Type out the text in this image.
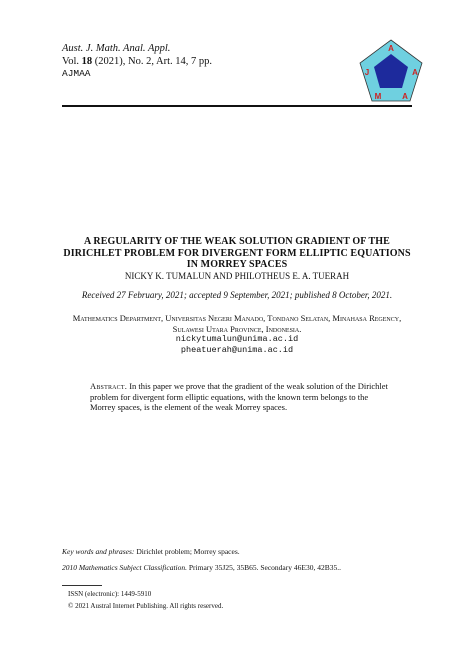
Aust. J. Math. Anal. Appl.
Vol. 18 (2021), No. 2, Art. 14, 7 pp.
AJMAA
A
J
M	A
A
A REGULARITY OF THE WEAK SOLUTION GRADIENT OF THE DIRICHLET PROBLEM FOR DIVERGENT FORM ELLIPTIC EQUATIONS IN MORREY SPACES
NICKY K. TUMALUN AND PHILOTHEUS E. A. TUERAH
Received 27 February, 2021; accepted 9 September, 2021; published 8 October, 2021.
Mathematics Department, Universitas Negeri Manado, Tondano Selatan, Minahasa Regency, Sulawesi Utara Province, Indonesia.
nickytumalun@unima.ac.id
pheatuerah@unima.ac.id
Abstract. In this paper we prove that the gradient of the weak solution of the Dirichlet problem for divergent form elliptic equations, with the known term belongs to the Morrey spaces, is the element of the weak Morrey spaces.
Key words and phrases: Dirichlet problem; Morrey spaces.
2010 Mathematics Subject Classification. Primary 35J25, 35B65. Secondary 46E30, 42B35..
ISSN (electronic): 1449-5910
© 2021 Austral Internet Publishing. All rights reserved.
